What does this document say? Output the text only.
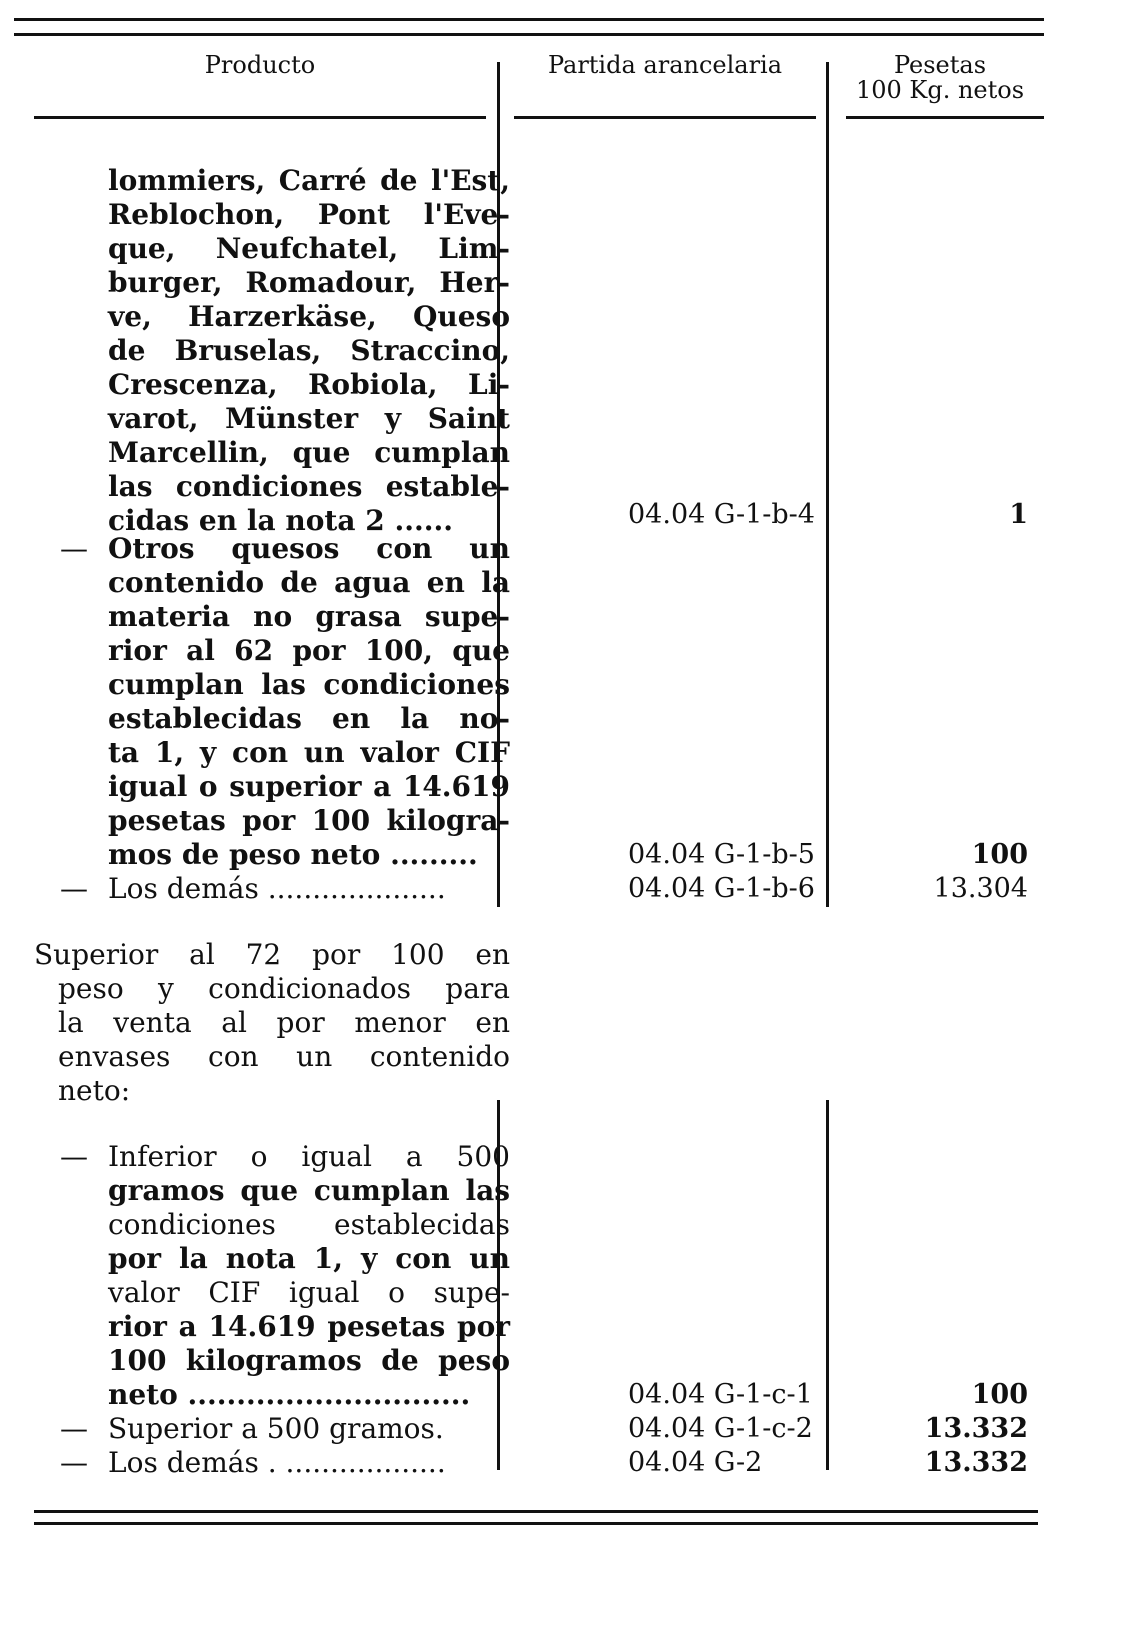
Producto	Partida arancelaria	Pesetas
100 Kg. netos
lommiers, Carré de l'Est,
Reblochon, Pont l'Eve-
que, Neufchatel, Lim-
burger, Romadour, Her-
ve, Harzerkäse, Queso
de Bruselas, Straccino,
Crescenza, Robiola, Li-
varot, Münster y Saint
Marcellin, que cumplan
las condiciones estable-
cidas en la nota 2 ......	04.04 G-1-b-4	1
— Otros quesos con un
contenido de agua en la
materia no grasa supe-
rior al 62 por 100, que
cumplan las condiciones
establecidas en la no-
ta 1, y con un valor CIF
igual o superior a 14.619
pesetas por 100 kilogra-
mos de peso neto .........	04.04 G-1-b-5	100
— Los demás ....................	04.04 G-1-b-6	13.304
Superior al 72 por 100 en
peso y condicionados para
la venta al por menor en
envases con un contenido
neto:
— Inferior o igual a 500
gramos que cumplan las
condiciones establecidas
por la nota 1, y con un
valor CIF igual o supe-
rior a 14.619 pesetas por
100 kilogramos de peso
neto .............................	04.04 G-1-c-1	100
— Superior a 500 gramos.	04.04 G-1-c-2	13.332
— Los demás . ..................	04.04 G-2	13.332
